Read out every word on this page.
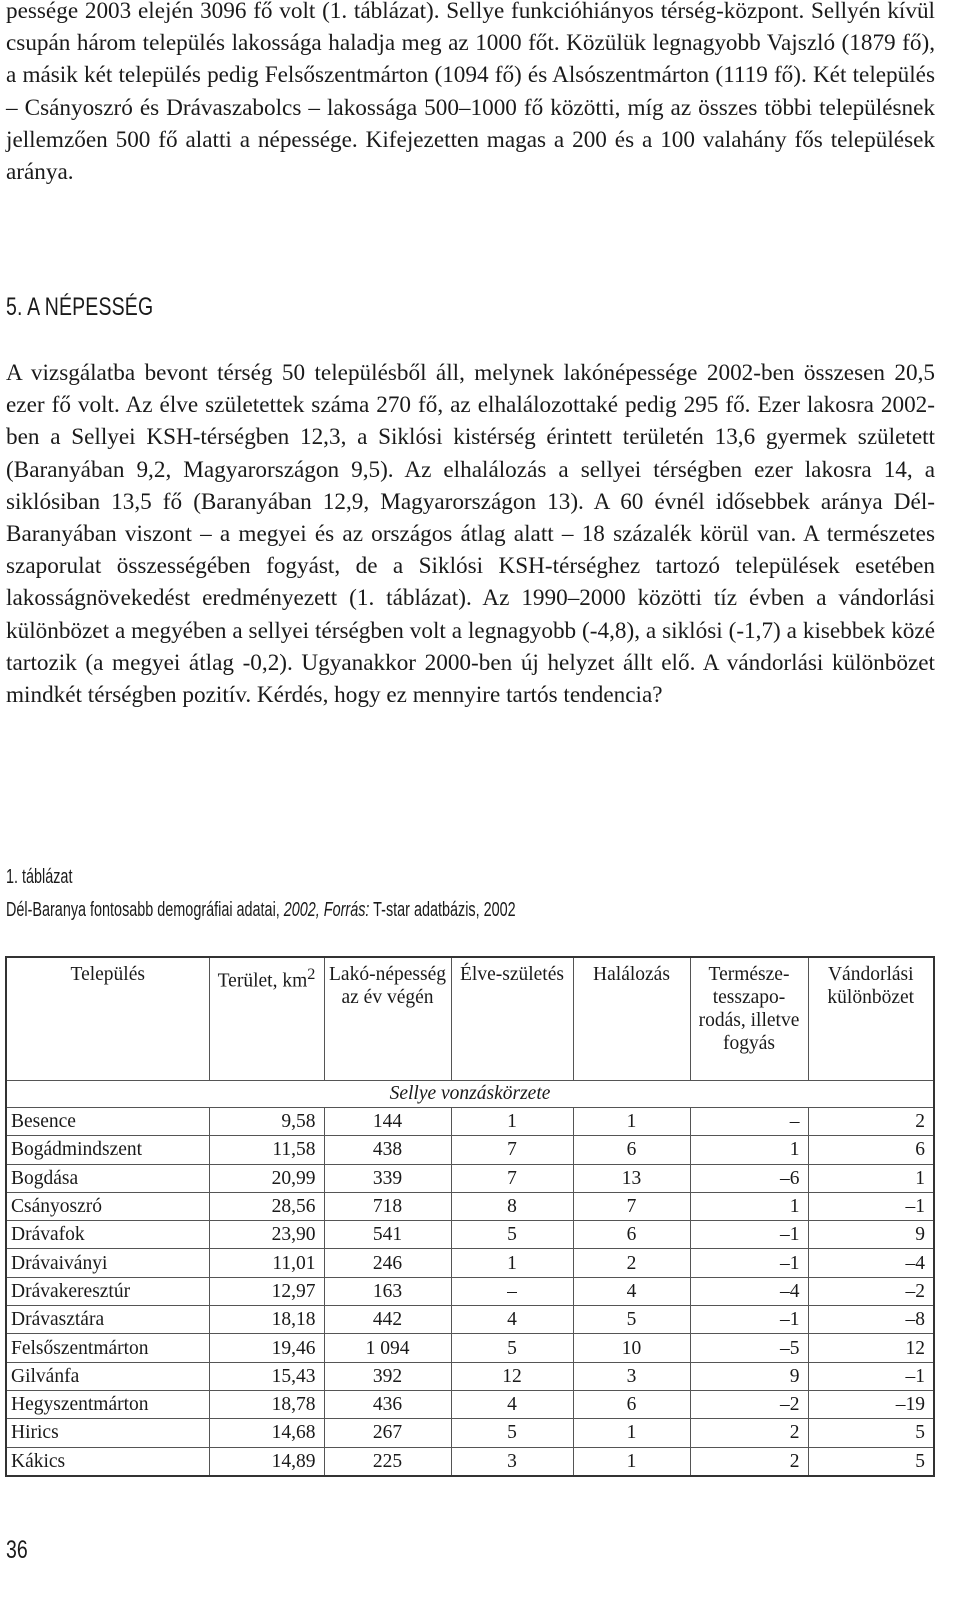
pessége 2003 elején 3096 fő volt (1. táblázat). Sellye funkcióhiányos térség-központ. Sellyén kívül csupán három település lakossága haladja meg az 1000 főt. Közülük legnagyobb Vajszló (1879 fő), a másik két település pedig Felsőszentmárton (1094 fő) és Alsószentmárton (1119 fő). Két település – Csányoszró és Drávaszabolcs – lakossága 500–1000 fő közötti, míg az összes többi településnek jellemzően 500 fő alatti a népessége. Kifejezetten magas a 200 és a 100 valahány fős települések aránya.

5. A NÉPESSÉG

A vizsgálatba bevont térség 50 településből áll, melynek lakónépessége 2002-ben összesen 20,5 ezer fő volt. Az élve születettek száma 270 fő, az elhalálozottaké pedig 295 fő. Ezer lakosra 2002-ben a Sellyei KSH-térségben 12,3, a Siklósi kistérség érintett területén 13,6 gyermek született (Baranyában 9,2, Magyarországon 9,5). Az elhalálozás a sellyei térségben ezer lakosra 14, a siklósiban 13,5 fő (Baranyában 12,9, Magyarországon 13). A 60 évnél idősebbek aránya Dél-Baranyában viszont – a megyei és az országos átlag alatt – 18 százalék körül van. A természetes szaporulat összességében fogyást, de a Siklósi KSH-térséghez tartozó települések esetében lakosságnövekedést eredményezett (1. táblázat). Az 1990–2000 közötti tíz évben a vándorlási különbözet a megyében a sellyei térségben volt a legnagyobb (-4,8), a siklósi (-1,7) a kisebbek közé tartozik (a megyei átlag -0,2). Ugyanakkor 2000-ben új helyzet állt elő. A vándorlási különbözet mindkét térségben pozitív. Kérdés, hogy ez mennyire tartós tendencia?

1. táblázat

Dél-Baranya fontosabb demográfiai adatai, 2002, Forrás: T-star adatbázis, 2002

Település	Terület, $km^2$	Lakó-népesség az év végén	Élve-születés	Halálozás	Természe-tesszapo-rodás, illetve fogyás	Vándorlási különbözet
Sellye vonzáskörzete						
Besence	9,58	144	1	1	–	2
Bogádmindszent	11,58	438	7	6	1	6
Bogdása	20,99	339	7	13	–6	1
Csányoszró	28,56	718	8	7	1	–1
Drávafok	23,90	541	5	6	–1	9
Drávaiványi	11,01	246	1	2	–1	–4
Drávakeresztúr	12,97	163	–	4	–4	–2
Drávasztára	18,18	442	4	5	–1	–8
Felsőszentmárton	19,46	1 094	5	10	–5	12
Gilvánfa	15,43	392	12	3	9	–1
Hegyszentmárton	18,78	436	4	6	–2	–19
Hirics	14,68	267	5	1	2	5
Kákics	14,89	225	3	1	2	5

36
